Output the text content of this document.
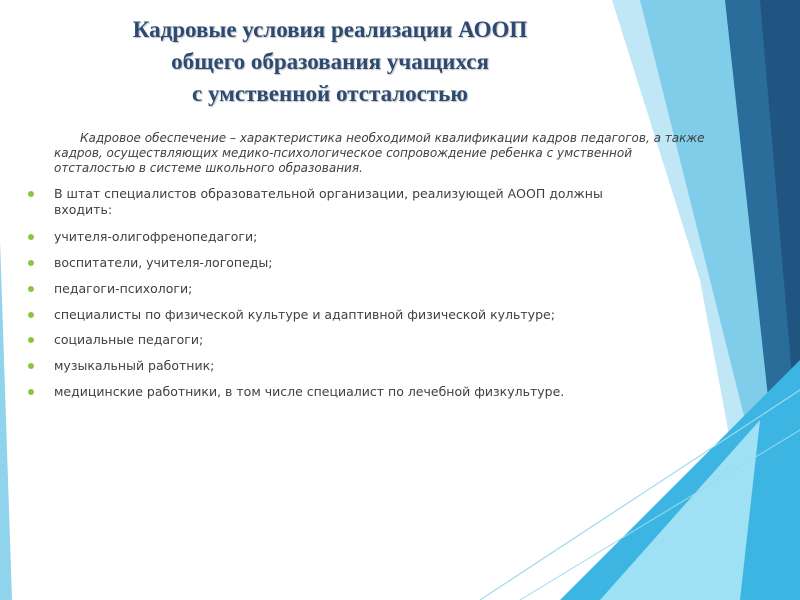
Кадровые условия реализации АООП
общего образования учащихся
с умственной отсталостью

Кадровое обеспечение – характеристика необходимой квалификации кадров педагогов, а также кадров, осуществляющих медико-психологическое сопровождение ребенка с умственной отсталостью в системе школьного образования.

В штат специалистов образовательной организации, реализующей АООП должны входить:
учителя-олигофренопедагоги;
воспитатели, учителя-логопеды;
педагоги-психологи;
специалисты по физической культуре и адаптивной физической культуре;
социальные педагоги;
музыкальный работник;
медицинские работники, в том числе специалист по лечебной физкультуре.
